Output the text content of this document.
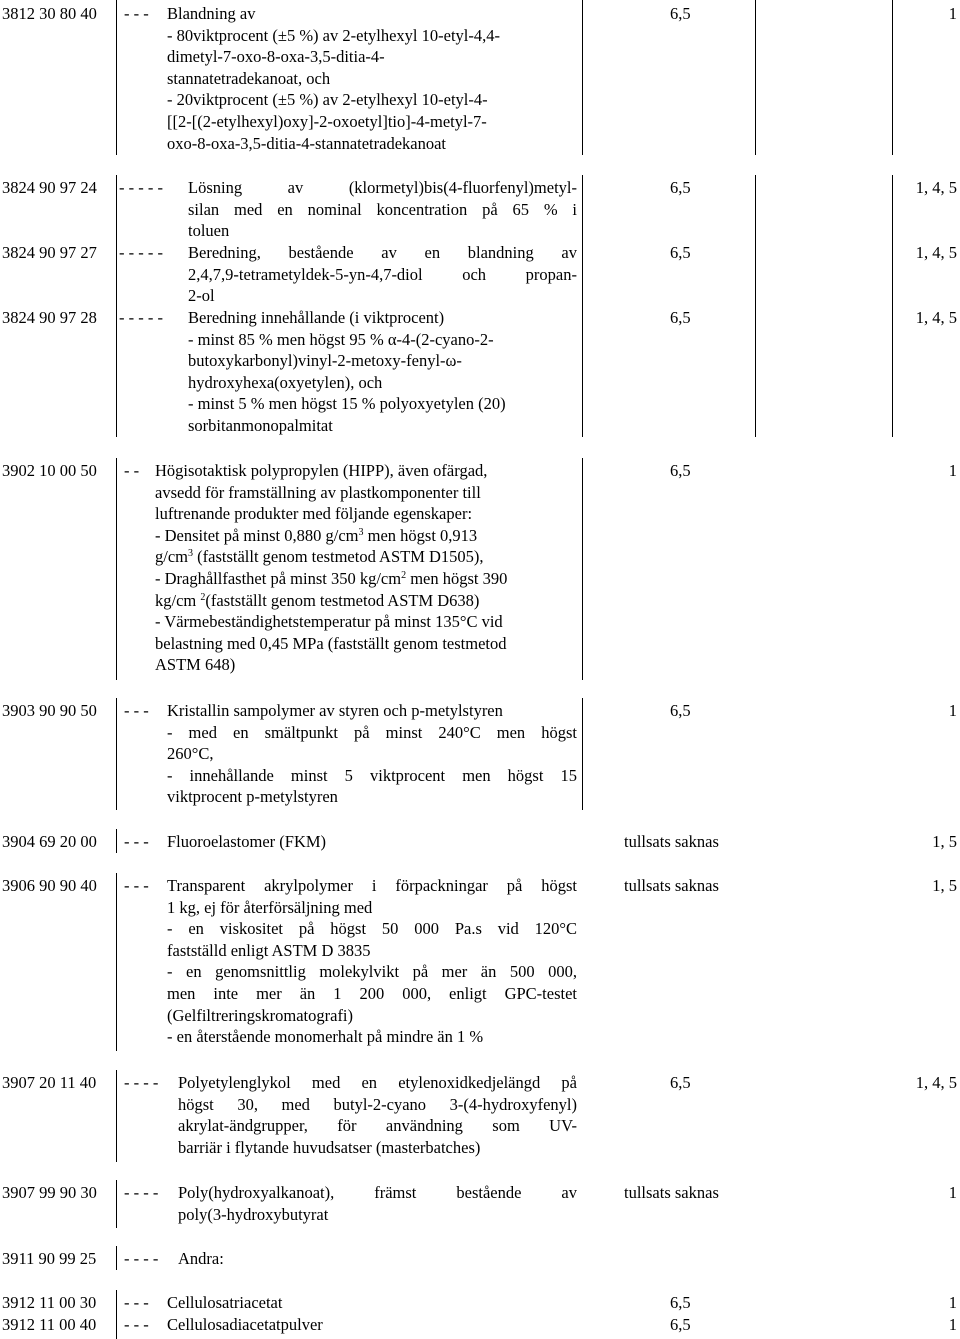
3812 30 80 40 - - - Blandning av
- 80viktprocent (±5 %) av 2-etylhexyl 10-etyl-4,4-
dimetyl-7-oxo-8-oxa-3,5-ditia-4-
stannatetradekanoat, och
- 20viktprocent (±5 %) av 2-etylhexyl 10-etyl-4-
[[2-[(2-etylhexyl)oxy]-2-oxoetyl]tio]-4-metyl-7-
oxo-8-oxa-3,5-ditia-4-stannatetradekanoat
6,5	1
3824 90 97 24 - - - - - Lösning av (klormetyl)bis(4-fluorfenyl)metyl-
silan med en nominal koncentration på 65 % i
toluen
6,5	1, 4, 5
3824 90 97 27 - - - - - Beredning, bestående av en blandning av
2,4,7,9-tetrametyldek-5-yn-4,7-diol och propan-
2-ol
6,5	1, 4, 5
3824 90 97 28 - - - - - Beredning innehållande (i viktprocent)
- minst 85 % men högst 95 % α-4-(2-cyano-2-
butoxykarbonyl)vinyl-2-metoxy-fenyl-ω-
hydroxyhexa(oxyetylen), och
- minst 5 % men högst 15 % polyoxyetylen (20)
sorbitanmonopalmitat
6,5	1, 4, 5
3902 10 00 50 - - Högisotaktisk polypropylen (HIPP), även ofärgad,
avsedd för framställning av plastkomponenter till
luftrenande produkter med följande egenskaper:
- Densitet på minst 0,880 $g/cm^3$ men högst 0,913
$g/cm^3$ (fastställt genom testmetod ASTM D1505),
- Draghållfasthet på minst 350 $kg/cm^2$ men högst 390
kg/cm $^2$(fastställt genom testmetod ASTM D638)
- Värmebeständighetstemperatur på minst 135°C vid
belastning med 0,45 MPa (fastställt genom testmetod
ASTM 648)
6,5	1
3903 90 90 50 - - - Kristallin sampolymer av styren och p-metylstyren
- med en smältpunkt på minst 240°C men högst
260°C,
- innehållande minst 5 viktprocent men högst 15
viktprocent p-metylstyren
6,5	1
3904 69 20 00 - - - Fluoroelastomer (FKM)	tullsats saknas	1, 5
3906 90 90 40 - - - Transparent akrylpolymer i förpackningar på högst
1 kg, ej för återförsäljning med
- en viskositet på högst 50 000 Pa.s vid 120°C
fastställd enligt ASTM D 3835
- en genomsnittlig molekylvikt på mer än 500 000,
men inte mer än 1 200 000, enligt GPC-testet
(Gelfiltreringskromatografi)
- en återstående monomerhalt på mindre än 1 %
tullsats saknas	1, 5
3907 20 11 40 - - - - Polyetylenglykol med en etylenoxidkedjelängd på
högst 30, med butyl-2-cyano 3-(4-hydroxyfenyl)
akrylat-ändgrupper, för användning som UV-
barriär i flytande huvudsatser (masterbatches)
6,5	1, 4, 5
3907 99 90 30 - - - - Poly(hydroxyalkanoat), främst bestående av
poly(3-hydroxybutyrat
tullsats saknas	1
3911 90 99 25 - - - - Andra:
3912 11 00 30 - - - Cellulosatriacetat	6,5	1
3912 11 00 40 - - - Cellulosadiacetatpulver	6,5	1
